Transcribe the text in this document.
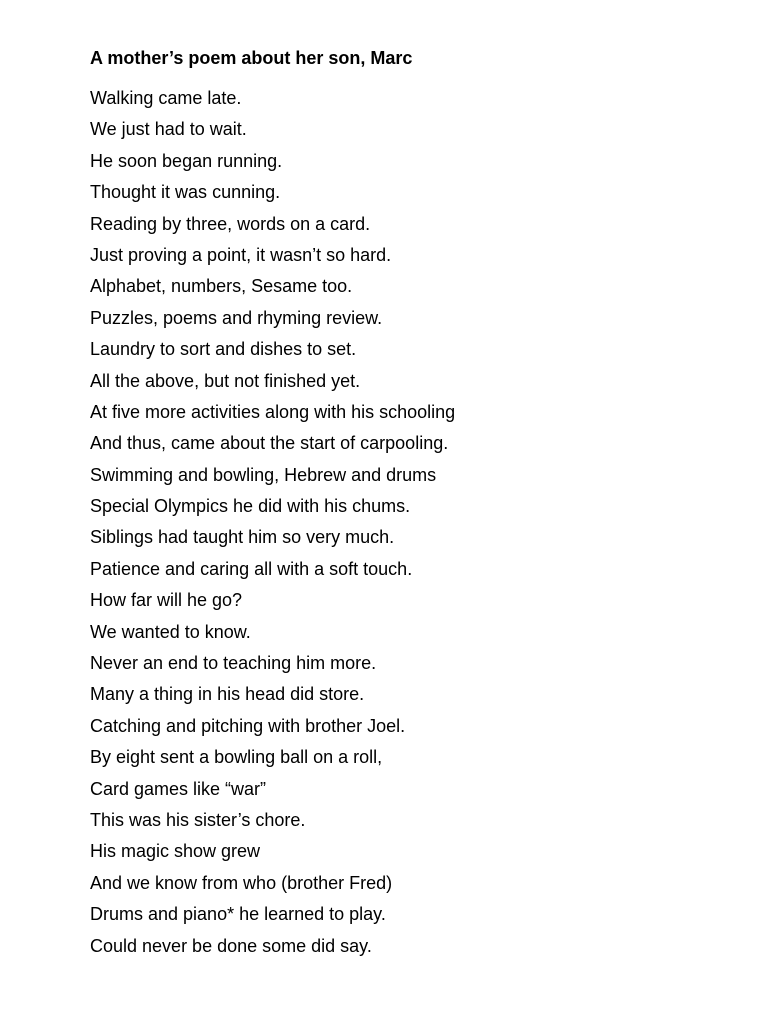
A mother’s poem about her son, Marc
Walking came late.
We just had to wait.
He soon began running.
Thought it was cunning.
Reading by three, words on a card.
Just proving a point, it wasn’t so hard.
Alphabet, numbers, Sesame too.
Puzzles, poems and rhyming review.
Laundry to sort and dishes to set.
All the above, but not finished yet.
At five more activities along with his schooling
And thus, came about the start of carpooling.
Swimming and bowling, Hebrew and drums
Special Olympics he did with his chums.
Siblings had taught him so very much.
Patience and caring all with a soft touch.
How far will he go?
We wanted to know.
Never an end to teaching him more.
Many a thing in his head did store.
Catching and pitching with brother Joel.
By eight sent a bowling ball on a roll,
Card games like “war”
This was his sister’s chore.
His magic show grew
And we know from who (brother Fred)
Drums and piano* he learned to play.
Could never be done some did say.
